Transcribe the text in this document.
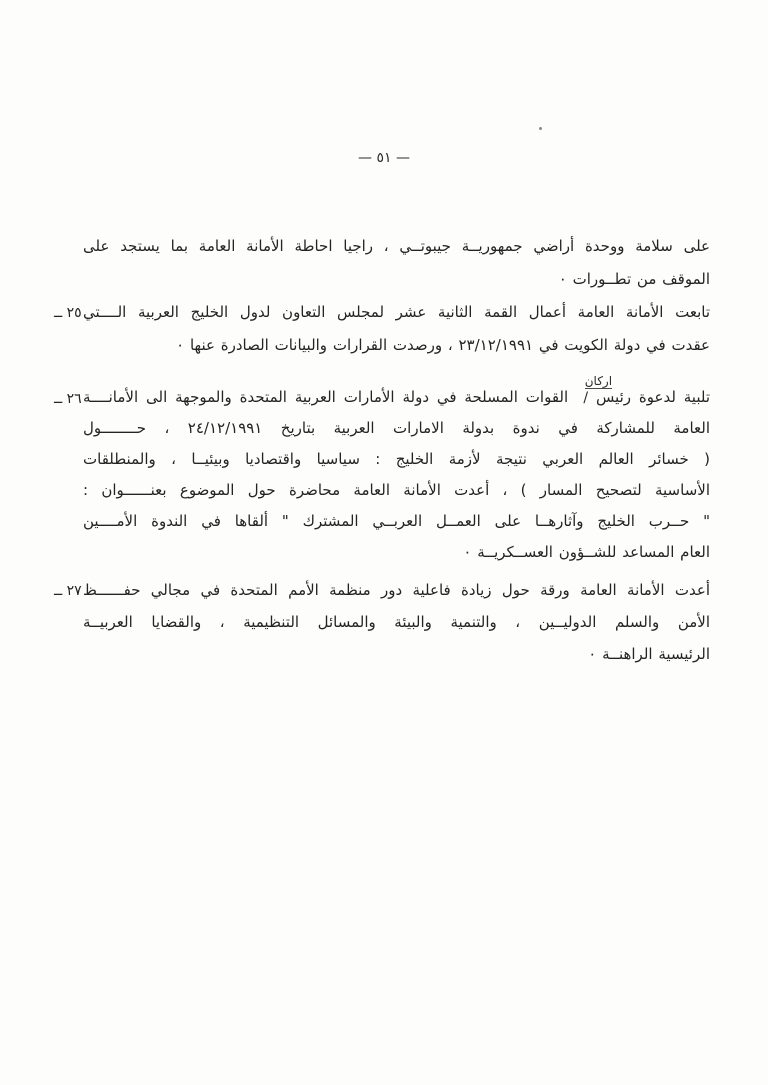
— ٥١ —
على سلامة ووحدة أراضي جمهوريــة جيبوتــي ، راجيا احاطة الأمانة العامة بما يستجد على
الموقف من تطــورات ٠
٢٥ ــ تابعت الأمانة العامة أعمال القمة الثانية عشر لمجلس التعاون لدول الخليج العربية الــــتي
عقدت في دولة الكويت في ٢٣/١٢/١٩٩١ ، ورصدت القرارات والبيانات الصادرة عنها ٠
٢٦ ــ	تلبية لدعوة رئيس
/
اركان
القوات المسلحة في دولة الأمارات العربية المتحدة والموجهة الى الأمانــــة
العامة للمشاركة في ندوة بدولة الامارات العربية بتاريخ ٢٤/١٢/١٩٩١ ، حــــــــول
( خسائر العالم العربي نتيجة لأزمة الخليج : سياسيا واقتصاديا وبيئيــا ، والمنطلقات
الأساسية لتصحيح المسار ) ، أعدت الأمانة العامة محاضرة حول الموضوع بعنــــــوان :
" حــرب الخليج وآثارهــا على العمــل العربــي المشترك " ألقاها في الندوة الأمــــين
العام المساعد للشــؤون العســكريــة ٠
٢٧ ــ أعدت الأمانة العامة ورقة حول زيادة فاعلية دور منظمة الأمم المتحدة في مجالي حفــــــظ
الأمن والسلم الدوليــين ، والتنمية والبيئة والمسائل التنظيمية ، والقضايا العربيــة
الرئيسية الراهنــة ٠
